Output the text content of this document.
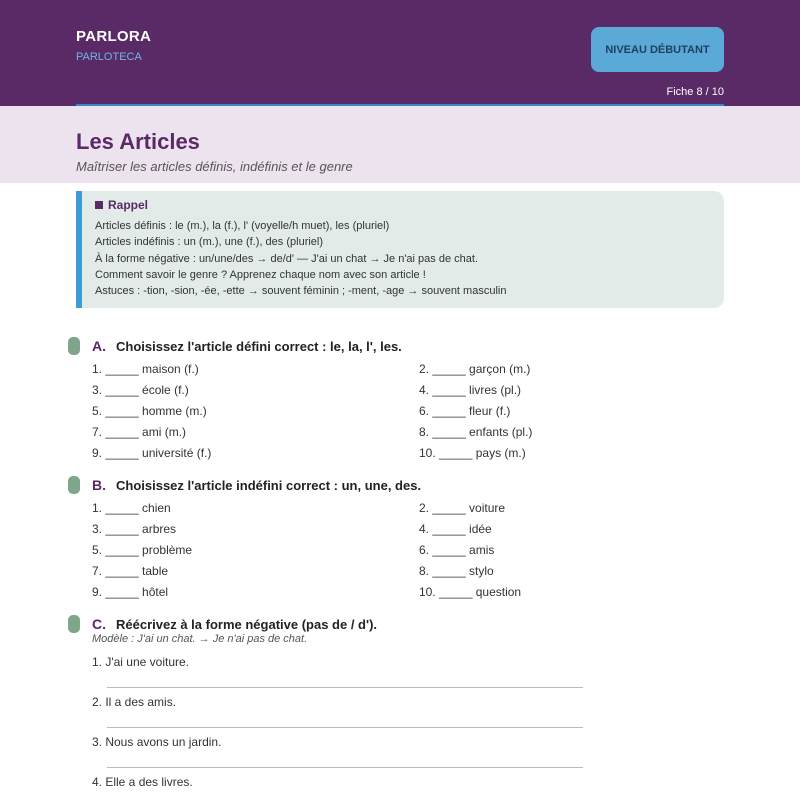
PARLORA
PARLOTECA
NIVEAU DÉBUTANT
Fiche 8 / 10
Les Articles
Maîtriser les articles définis, indéfinis et le genre
Rappel
Articles définis : le (m.), la (f.), l' (voyelle/h muet), les (pluriel)
Articles indéfinis : un (m.), une (f.), des (pluriel)
À la forme négative : un/une/des → de/d' — J'ai un chat → Je n'ai pas de chat.
Comment savoir le genre ? Apprenez chaque nom avec son article !
Astuces : -tion, -sion, -ée, -ette → souvent féminin ; -ment, -age → souvent masculin
A. Choisissez l'article défini correct : le, la, l', les.
1. _____ maison (f.)	2. _____ garçon (m.)
3. _____ école (f.)	4. _____ livres (pl.)
5. _____ homme (m.)	6. _____ fleur (f.)
7. _____ ami (m.)	8. _____ enfants (pl.)
9. _____ université (f.)	10. _____ pays (m.)
B. Choisissez l'article indéfini correct : un, une, des.
1. _____ chien	2. _____ voiture
3. _____ arbres	4. _____ idée
5. _____ problème	6. _____ amis
7. _____ table	8. _____ stylo
9. _____ hôtel	10. _____ question
C. Réécrivez à la forme négative (pas de / d').
Modèle : J'ai un chat. → Je n'ai pas de chat.
1. J'ai une voiture.
2. Il a des amis.
3. Nous avons un jardin.
4. Elle a des livres.
